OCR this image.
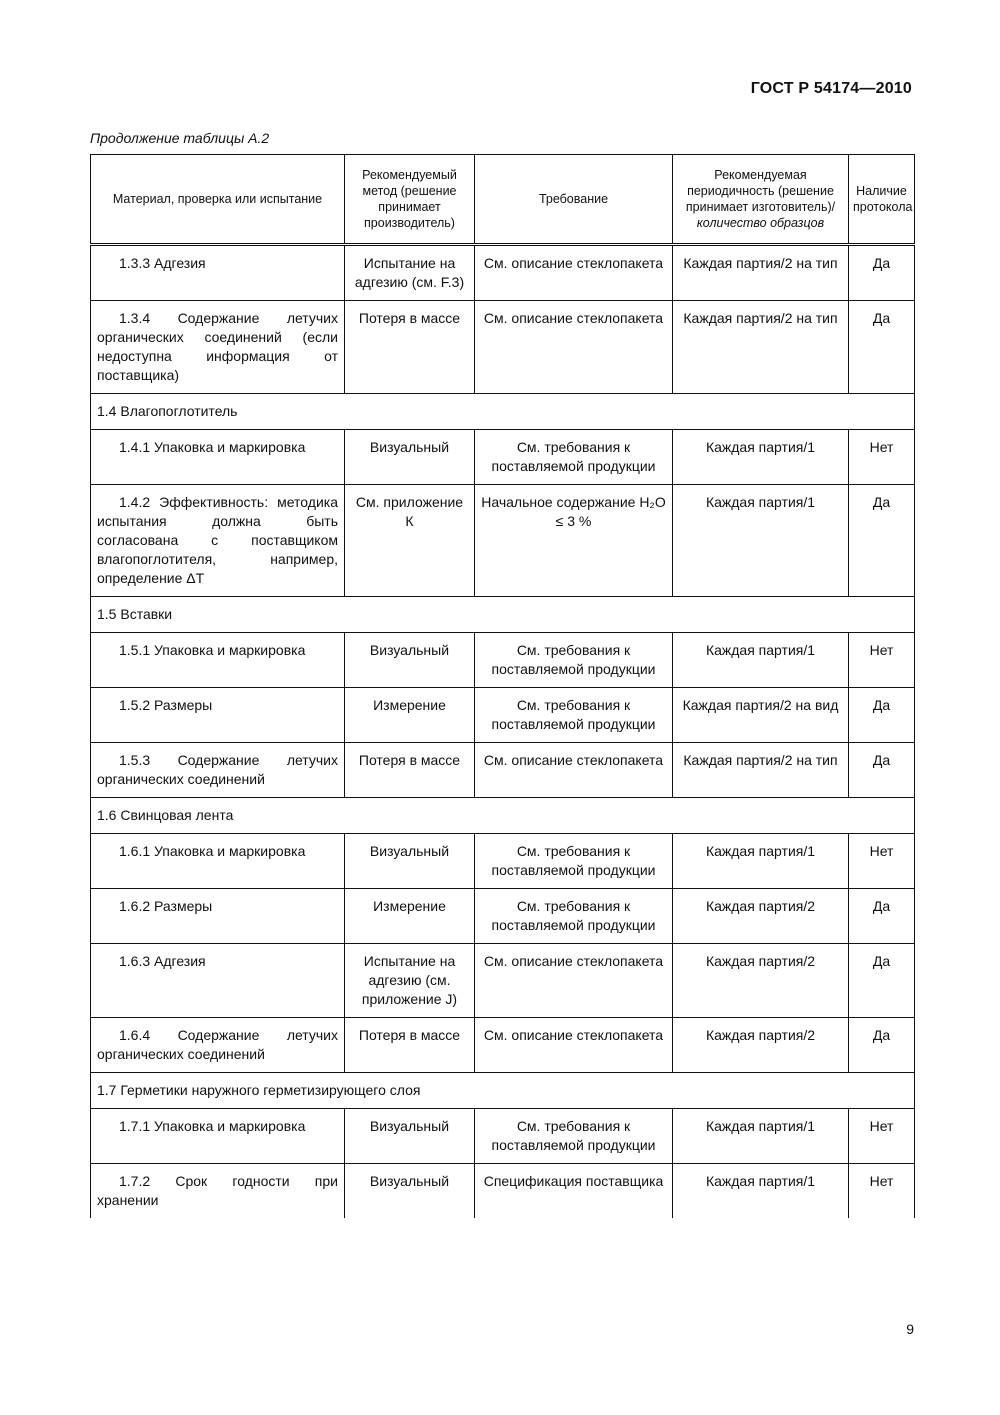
ГОСТ Р 54174—2010
Продолжение таблицы А.2
Материал, проверка или испытание	Рекомендуемый метод (решение принимает производитель)	Требование	Рекомендуемая периодичность (решение принимает изготовитель)/количество образцов	Наличие протокола
1.3.3 Адгезия	Испытание на адгезию (см. F.3)	См. описание стеклопакета	Каждая партия/2 на тип	Да
1.3.4 Содержание летучих органических соединений (если недоступна информация от поставщика)	Потеря в массе	См. описание стеклопакета	Каждая партия/2 на тип	Да
1.4 Влагопоглотитель				
1.4.1 Упаковка и маркировка	Визуальный	См. требования к поставляемой продукции	Каждая партия/1	Нет
1.4.2 Эффективность: методика испытания должна быть согласована с поставщиком влагопоглотителя, например, определение ΔT	См. приложение К	Начальное содержание H₂O ≤ 3 %	Каждая партия/1	Да
1.5 Вставки				
1.5.1 Упаковка и маркировка	Визуальный	См. требования к поставляемой продукции	Каждая партия/1	Нет
1.5.2 Размеры	Измерение	См. требования к поставляемой продукции	Каждая партия/2 на вид	Да
1.5.3 Содержание летучих органических соединений	Потеря в массе	См. описание стеклопакета	Каждая партия/2 на тип	Да
1.6 Свинцовая лента				
1.6.1 Упаковка и маркировка	Визуальный	См. требования к поставляемой продукции	Каждая партия/1	Нет
1.6.2 Размеры	Измерение	См. требования к поставляемой продукции	Каждая партия/2	Да
1.6.3 Адгезия	Испытание на адгезию (см. приложение J)	См. описание стеклопакета	Каждая партия/2	Да
1.6.4 Содержание летучих органических соединений	Потеря в массе	См. описание стеклопакета	Каждая партия/2	Да
1.7 Герметики наружного герметизирующего слоя				
1.7.1 Упаковка и маркировка	Визуальный	См. требования к поставляемой продукции	Каждая партия/1	Нет
1.7.2 Срок годности при хранении	Визуальный	Спецификация поставщика	Каждая партия/1	Нет
9
